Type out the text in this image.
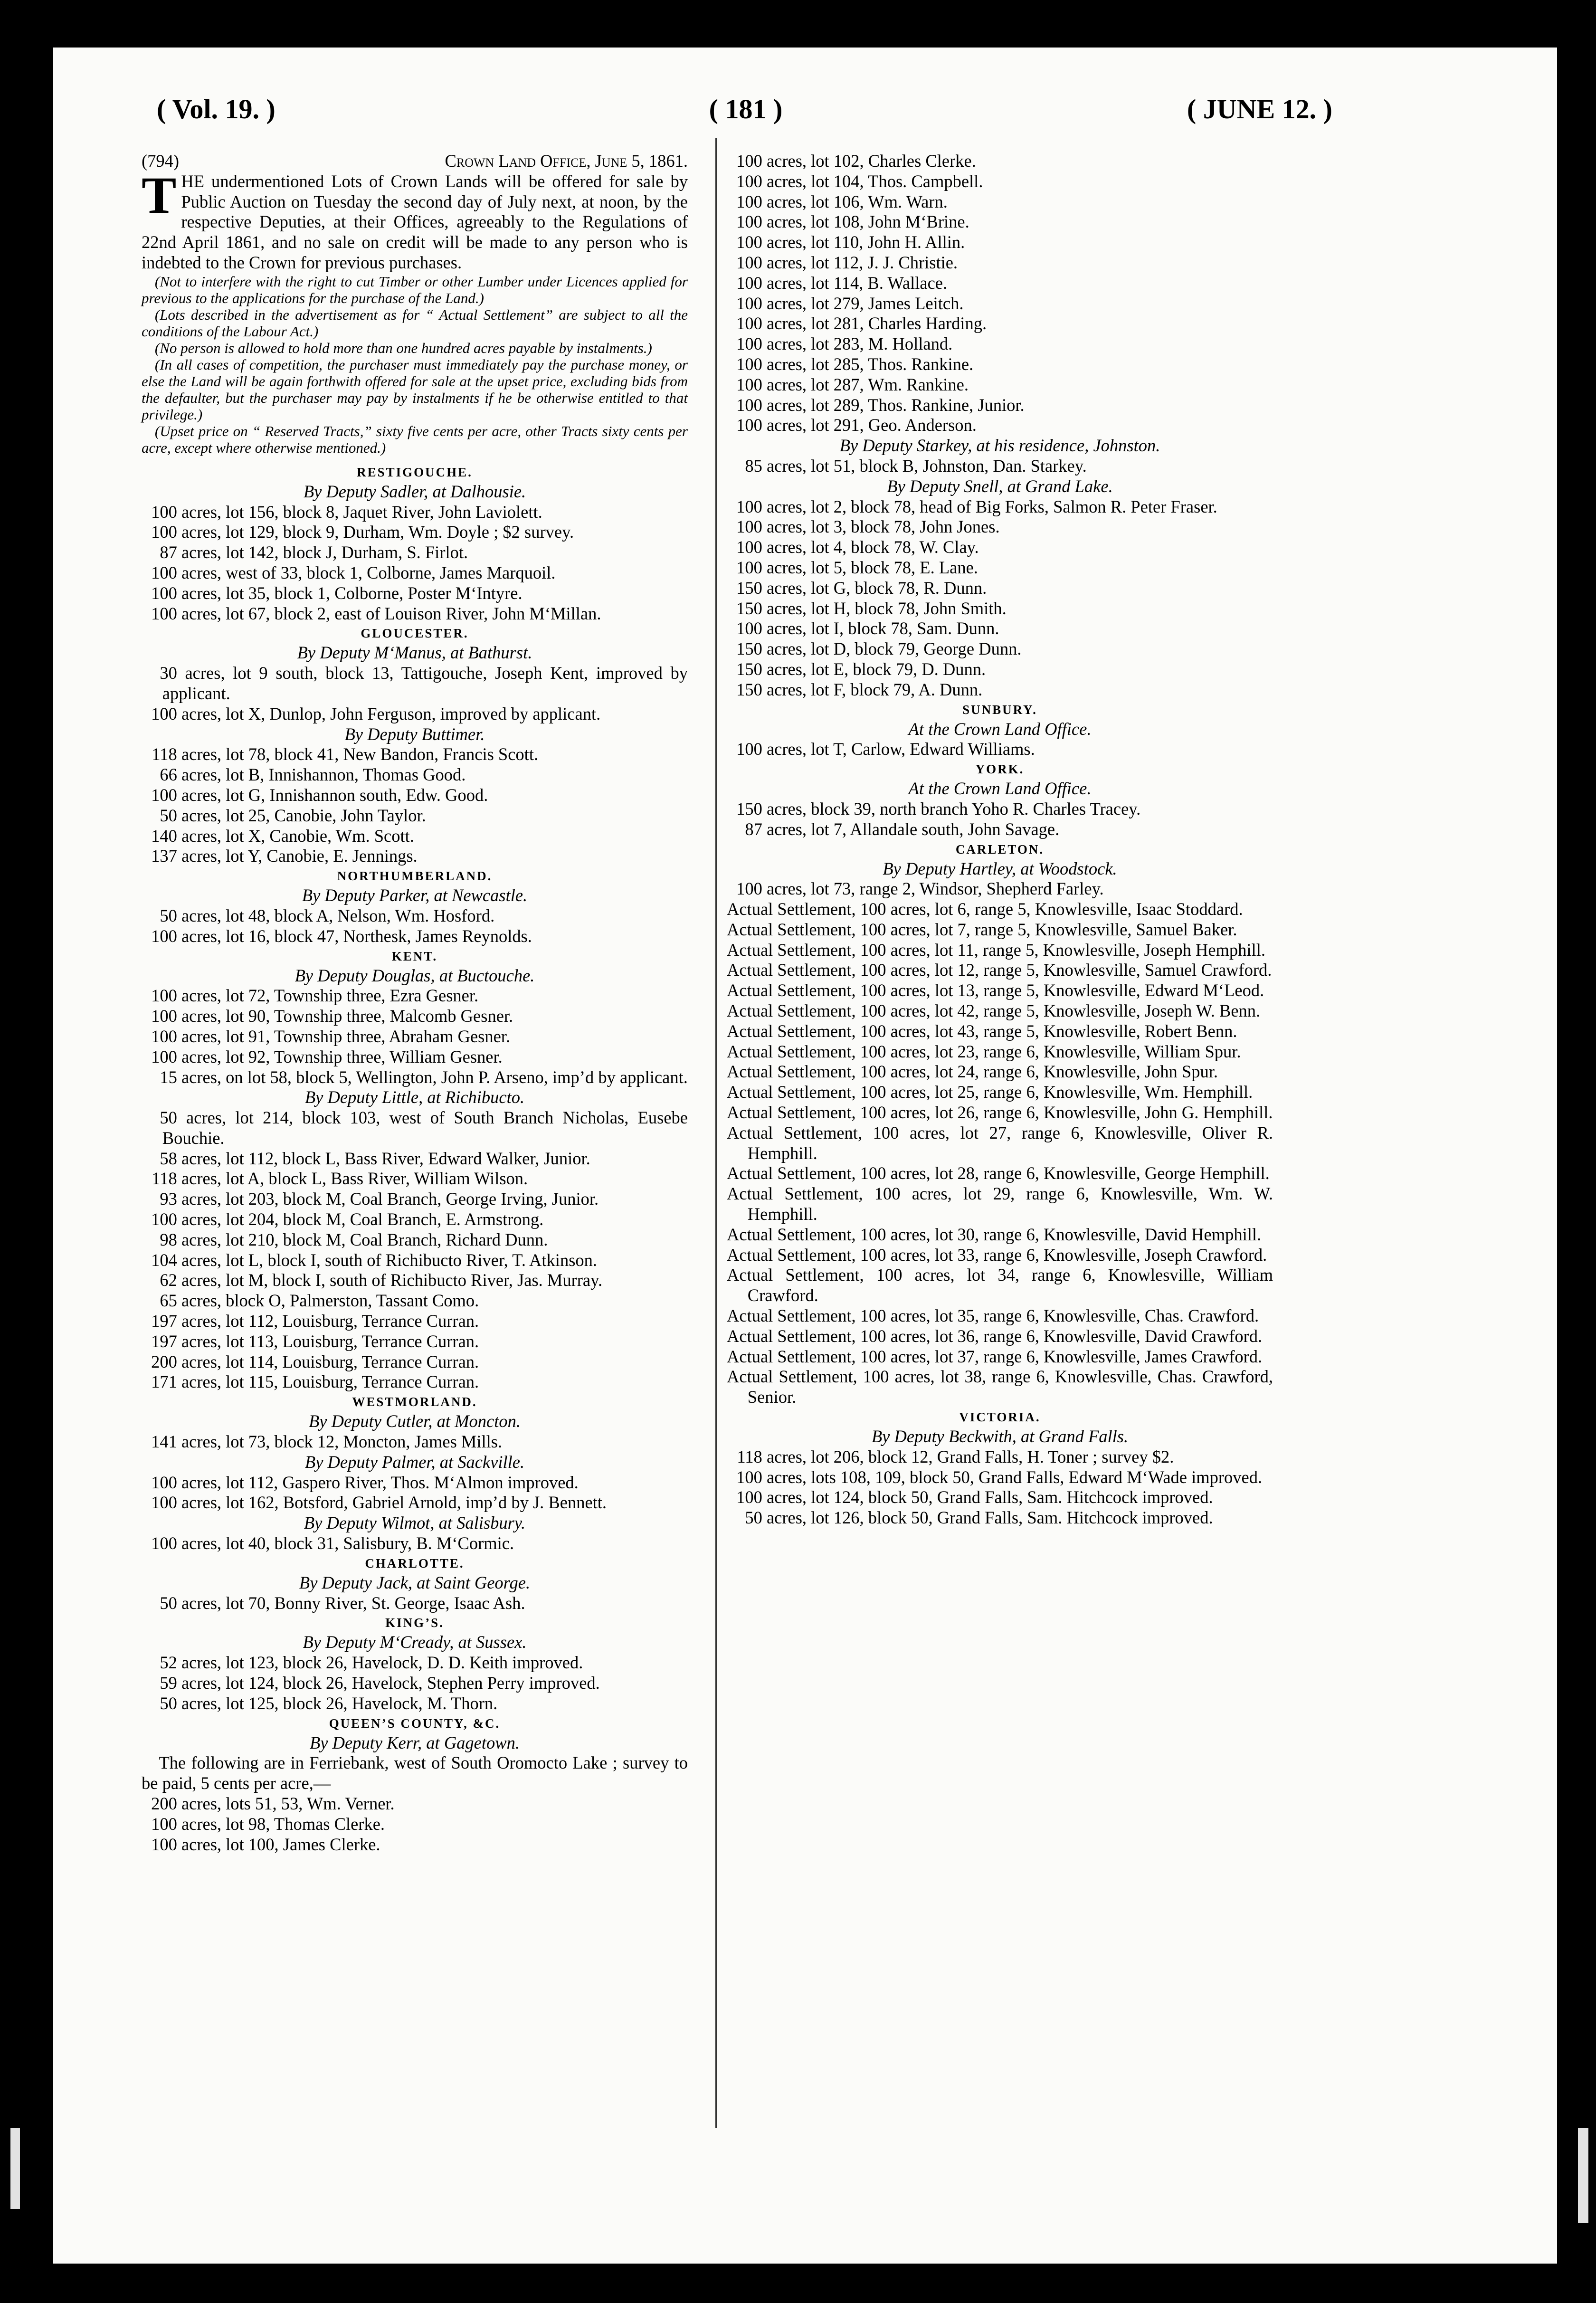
( Vol. 19. )	( 181 )	( JUNE 12. )
(794)	Crown Land Office, June 5, 1861.
THE undermentioned Lots of Crown Lands will be offered for sale by Public Auction on Tuesday the second day of July next, at noon, by the respective Deputies, at their Offices, agreeably to the Regulations of 22nd April 1861, and no sale on credit will be made to any person who is indebted to the Crown for previous purchases.
(Not to interfere with the right to cut Timber or other Lumber under Licences applied for previous to the applications for the purchase of the Land.)
(Lots described in the advertisement as for “ Actual Settlement” are subject to all the conditions of the Labour Act.)
(No person is allowed to hold more than one hundred acres payable by instalments.)
(In all cases of competition, the purchaser must immediately pay the purchase money, or else the Land will be again forthwith offered for sale at the upset price, excluding bids from the defaulter, but the purchaser may pay by instalments if he be otherwise entitled to that privilege.)
(Upset price on “ Reserved Tracts,” sixty five cents per acre, other Tracts sixty cents per acre, except where otherwise mentioned.)
RESTIGOUCHE.
By Deputy Sadler, at Dalhousie.
100 acres, lot 156, block 8, Jaquet River, John Laviolett.
100 acres, lot 129, block 9, Durham, Wm. Doyle ; $2 survey.
87 acres, lot 142, block J, Durham, S. Firlot.
100 acres, west of 33, block 1, Colborne, James Marquoil.
100 acres, lot 35, block 1, Colborne, Poster M‘Intyre.
100 acres, lot 67, block 2, east of Louison River, John M‘Millan.
GLOUCESTER.
By Deputy M‘Manus, at Bathurst.
30 acres, lot 9 south, block 13, Tattigouche, Joseph Kent, improved by applicant.
100 acres, lot X, Dunlop, John Ferguson, improved by applicant.
By Deputy Buttimer.
118 acres, lot 78, block 41, New Bandon, Francis Scott.
66 acres, lot B, Innishannon, Thomas Good.
100 acres, lot G, Innishannon south, Edw. Good.
50 acres, lot 25, Canobie, John Taylor.
140 acres, lot X, Canobie, Wm. Scott.
137 acres, lot Y, Canobie, E. Jennings.
NORTHUMBERLAND.
By Deputy Parker, at Newcastle.
50 acres, lot 48, block A, Nelson, Wm. Hosford.
100 acres, lot 16, block 47, Northesk, James Reynolds.
KENT.
By Deputy Douglas, at Buctouche.
100 acres, lot 72, Township three, Ezra Gesner.
100 acres, lot 90, Township three, Malcomb Gesner.
100 acres, lot 91, Township three, Abraham Gesner.
100 acres, lot 92, Township three, William Gesner.
15 acres, on lot 58, block 5, Wellington, John P. Arseno, imp’d by applicant.
By Deputy Little, at Richibucto.
50 acres, lot 214, block 103, west of South Branch Nicholas, Eusebe Bouchie.
58 acres, lot 112, block L, Bass River, Edward Walker, Junior.
118 acres, lot A, block L, Bass River, William Wilson.
93 acres, lot 203, block M, Coal Branch, George Irving, Junior.
100 acres, lot 204, block M, Coal Branch, E. Armstrong.
98 acres, lot 210, block M, Coal Branch, Richard Dunn.
104 acres, lot L, block I, south of Richibucto River, T. Atkinson.
62 acres, lot M, block I, south of Richibucto River, Jas. Murray.
65 acres, block O, Palmerston, Tassant Como.
197 acres, lot 112, Louisburg, Terrance Curran.
197 acres, lot 113, Louisburg, Terrance Curran.
200 acres, lot 114, Louisburg, Terrance Curran.
171 acres, lot 115, Louisburg, Terrance Curran.
WESTMORLAND.
By Deputy Cutler, at Moncton.
141 acres, lot 73, block 12, Moncton, James Mills.
By Deputy Palmer, at Sackville.
100 acres, lot 112, Gaspero River, Thos. M‘Almon improved.
100 acres, lot 162, Botsford, Gabriel Arnold, imp’d by J. Bennett.
By Deputy Wilmot, at Salisbury.
100 acres, lot 40, block 31, Salisbury, B. M‘Cormic.
CHARLOTTE.
By Deputy Jack, at Saint George.
50 acres, lot 70, Bonny River, St. George, Isaac Ash.
KING’S.
By Deputy M‘Cready, at Sussex.
52 acres, lot 123, block 26, Havelock, D. D. Keith improved.
59 acres, lot 124, block 26, Havelock, Stephen Perry improved.
50 acres, lot 125, block 26, Havelock, M. Thorn.
QUEEN’S COUNTY, &C.
By Deputy Kerr, at Gagetown.
The following are in Ferriebank, west of South Oromocto Lake ; survey to be paid, 5 cents per acre,—
200 acres, lots 51, 53, Wm. Verner.
100 acres, lot 98, Thomas Clerke.
100 acres, lot 100, James Clerke.
100 acres, lot 102, Charles Clerke.
100 acres, lot 104, Thos. Campbell.
100 acres, lot 106, Wm. Warn.
100 acres, lot 108, John M‘Brine.
100 acres, lot 110, John H. Allin.
100 acres, lot 112, J. J. Christie.
100 acres, lot 114, B. Wallace.
100 acres, lot 279, James Leitch.
100 acres, lot 281, Charles Harding.
100 acres, lot 283, M. Holland.
100 acres, lot 285, Thos. Rankine.
100 acres, lot 287, Wm. Rankine.
100 acres, lot 289, Thos. Rankine, Junior.
100 acres, lot 291, Geo. Anderson.
By Deputy Starkey, at his residence, Johnston.
85 acres, lot 51, block B, Johnston, Dan. Starkey.
By Deputy Snell, at Grand Lake.
100 acres, lot 2, block 78, head of Big Forks, Salmon R. Peter Fraser.
100 acres, lot 3, block 78, John Jones.
100 acres, lot 4, block 78, W. Clay.
100 acres, lot 5, block 78, E. Lane.
150 acres, lot G, block 78, R. Dunn.
150 acres, lot H, block 78, John Smith.
100 acres, lot I, block 78, Sam. Dunn.
150 acres, lot D, block 79, George Dunn.
150 acres, lot E, block 79, D. Dunn.
150 acres, lot F, block 79, A. Dunn.
SUNBURY.
At the Crown Land Office.
100 acres, lot T, Carlow, Edward Williams.
YORK.
At the Crown Land Office.
150 acres, block 39, north branch Yoho R. Charles Tracey.
87 acres, lot 7, Allandale south, John Savage.
CARLETON.
By Deputy Hartley, at Woodstock.
100 acres, lot 73, range 2, Windsor, Shepherd Farley.
Actual Settlement, 100 acres, lot 6, range 5, Knowlesville, Isaac Stoddard.
Actual Settlement, 100 acres, lot 7, range 5, Knowlesville, Samuel Baker.
Actual Settlement, 100 acres, lot 11, range 5, Knowlesville, Joseph Hemphill.
Actual Settlement, 100 acres, lot 12, range 5, Knowlesville, Samuel Crawford.
Actual Settlement, 100 acres, lot 13, range 5, Knowlesville, Edward M‘Leod.
Actual Settlement, 100 acres, lot 42, range 5, Knowlesville, Joseph W. Benn.
Actual Settlement, 100 acres, lot 43, range 5, Knowlesville, Robert Benn.
Actual Settlement, 100 acres, lot 23, range 6, Knowlesville, William Spur.
Actual Settlement, 100 acres, lot 24, range 6, Knowlesville, John Spur.
Actual Settlement, 100 acres, lot 25, range 6, Knowlesville, Wm. Hemphill.
Actual Settlement, 100 acres, lot 26, range 6, Knowlesville, John G. Hemphill.
Actual Settlement, 100 acres, lot 27, range 6, Knowlesville, Oliver R. Hemphill.
Actual Settlement, 100 acres, lot 28, range 6, Knowlesville, George Hemphill.
Actual Settlement, 100 acres, lot 29, range 6, Knowlesville, Wm. W. Hemphill.
Actual Settlement, 100 acres, lot 30, range 6, Knowlesville, David Hemphill.
Actual Settlement, 100 acres, lot 33, range 6, Knowlesville, Joseph Crawford.
Actual Settlement, 100 acres, lot 34, range 6, Knowlesville, William Crawford.
Actual Settlement, 100 acres, lot 35, range 6, Knowlesville, Chas. Crawford.
Actual Settlement, 100 acres, lot 36, range 6, Knowlesville, David Crawford.
Actual Settlement, 100 acres, lot 37, range 6, Knowlesville, James Crawford.
Actual Settlement, 100 acres, lot 38, range 6, Knowlesville, Chas. Crawford, Senior.
VICTORIA.
By Deputy Beckwith, at Grand Falls.
118 acres, lot 206, block 12, Grand Falls, H. Toner ; survey $2.
100 acres, lots 108, 109, block 50, Grand Falls, Edward M‘Wade improved.
100 acres, lot 124, block 50, Grand Falls, Sam. Hitchcock improved.
50 acres, lot 126, block 50, Grand Falls, Sam. Hitchcock improved.
